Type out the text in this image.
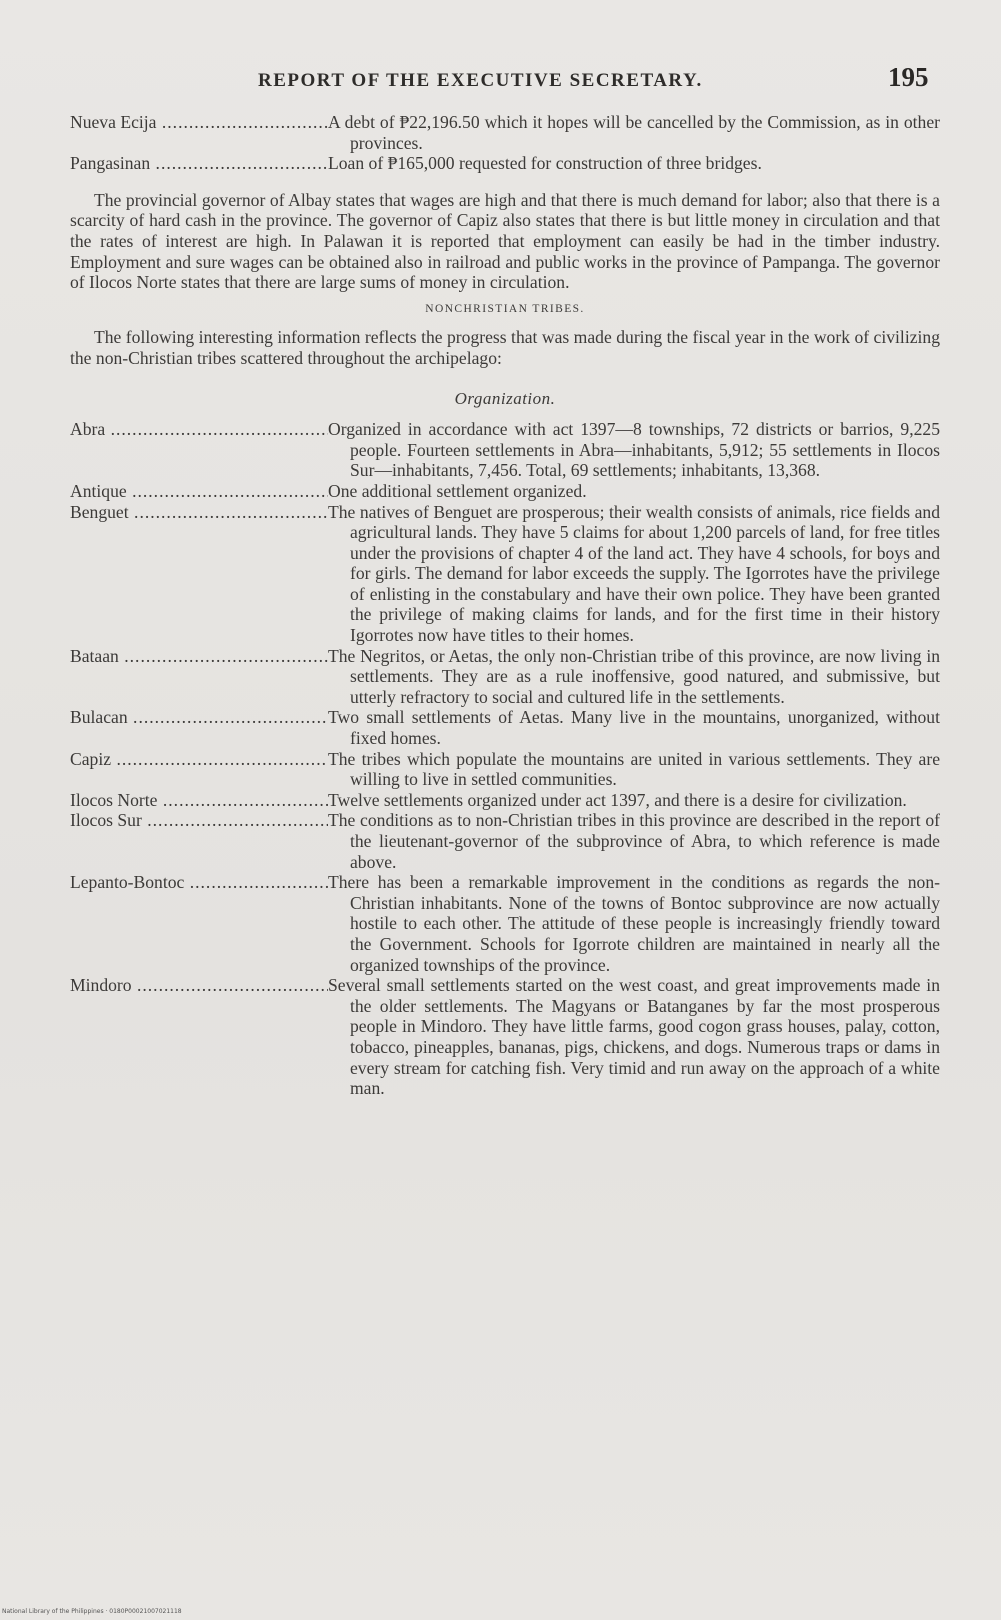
REPORT OF THE EXECUTIVE SECRETARY.	195
Nueva Ecija .....	A debt of ₱22,196.50 which it hopes will be cancelled by the Commission, as in other provinces.
Pangasinan .....	Loan of ₱165,000 requested for construction of three bridges.

The provincial governor of Albay states that wages are high and that there is much demand for labor; also that there is a scarcity of hard cash in the province. The governor of Capiz also states that there is but little money in circulation and that the rates of interest are high. In Palawan it is reported that employment can easily be had in the timber industry. Employment and sure wages can be obtained also in railroad and public works in the province of Pampanga. The governor of Ilocos Norte states that there are large sums of money in circulation.

NONCHRISTIAN TRIBES.

The following interesting information reflects the progress that was made during the fiscal year in the work of civilizing the non-Christian tribes scattered throughout the archipelago:

Organization.
Abra .....	Organized in accordance with act 1397—8 townships, 72 districts or barrios, 9,225 people. Fourteen settlements in Abra—inhabitants, 5,912; 55 settlements in Ilocos Sur—inhabitants, 7,456. Total, 69 settlements; inhabitants, 13,368.
Antique .....	One additional settlement organized.
Benguet .....	The natives of Benguet are prosperous; their wealth consists of animals, rice fields and agricultural lands. They have 5 claims for about 1,200 parcels of land, for free titles under the provisions of chapter 4 of the land act. They have 4 schools, for boys and for girls. The demand for labor exceeds the supply. The Igorrotes have the privilege of enlisting in the constabulary and have their own police. They have been granted the privilege of making claims for lands, and for the first time in their history Igorrotes now have titles to their homes.
Bataan .....	The Negritos, or Aetas, the only non-Christian tribe of this province, are now living in settlements. They are as a rule inoffensive, good natured, and submissive, but utterly refractory to social and cultured life in the settlements.
Bulacan .....	Two small settlements of Aetas. Many live in the mountains, unorganized, without fixed homes.
Capiz .....	The tribes which populate the mountains are united in various settlements. They are willing to live in settled communities.
Ilocos Norte .....	Twelve settlements organized under act 1397, and there is a desire for civilization.
Ilocos Sur .....	The conditions as to non-Christian tribes in this province are described in the report of the lieutenant-governor of the subprovince of Abra, to which reference is made above.
Lepanto-Bontoc .....	There has been a remarkable improvement in the conditions as regards the non-Christian inhabitants. None of the towns of Bontoc subprovince are now actually hostile to each other. The attitude of these people is increasingly friendly toward the Government. Schools for Igorrote children are maintained in nearly all the organized townships of the province.
Mindoro .....	Several small settlements started on the west coast, and great improvements made in the older settlements. The Magyans or Batanganes by far the most prosperous people in Mindoro. They have little farms, good cogon grass houses, palay, cotton, tobacco, pineapples, bananas, pigs, chickens, and dogs. Numerous traps or dams in every stream for catching fish. Very timid and run away on the approach of a white man.
National Library of the Philippines · 0180P00021007021118
